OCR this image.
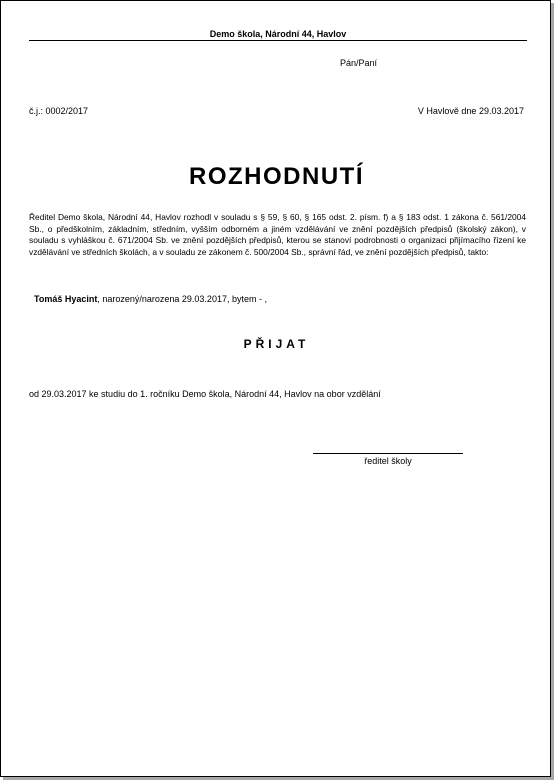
Demo škola, Národní 44, Havlov
Pán/Paní
č.j.: 0002/2017	V Havlově dne 29.03.2017
ROZHODNUTÍ
Ředitel Demo škola, Národní 44, Havlov rozhodl v souladu s § 59, § 60, § 165 odst. 2. písm. f) a § 183 odst. 1 zákona č. 561/2004 Sb., o předškolním, základním, středním, vyšším odborném a jiném vzdělávání ve znění pozdějších předpisů (školský zákon), v souladu s vyhláškou č. 671/2004 Sb. ve znění pozdějších předpisů, kterou se stanoví podrobnosti o organizaci přijímacího řízení ke vzdělávání ve středních školách, a v souladu ze zákonem č. 500/2004 Sb., správní řád, ve znění pozdějších předpisů, takto:
Tomáš Hyacint, narozený/narozena 29.03.2017, bytem - ,
PŘIJAT
od 29.03.2017 ke studiu do 1. ročníku Demo škola, Národní 44, Havlov na obor vzdělání
ředitel školy
